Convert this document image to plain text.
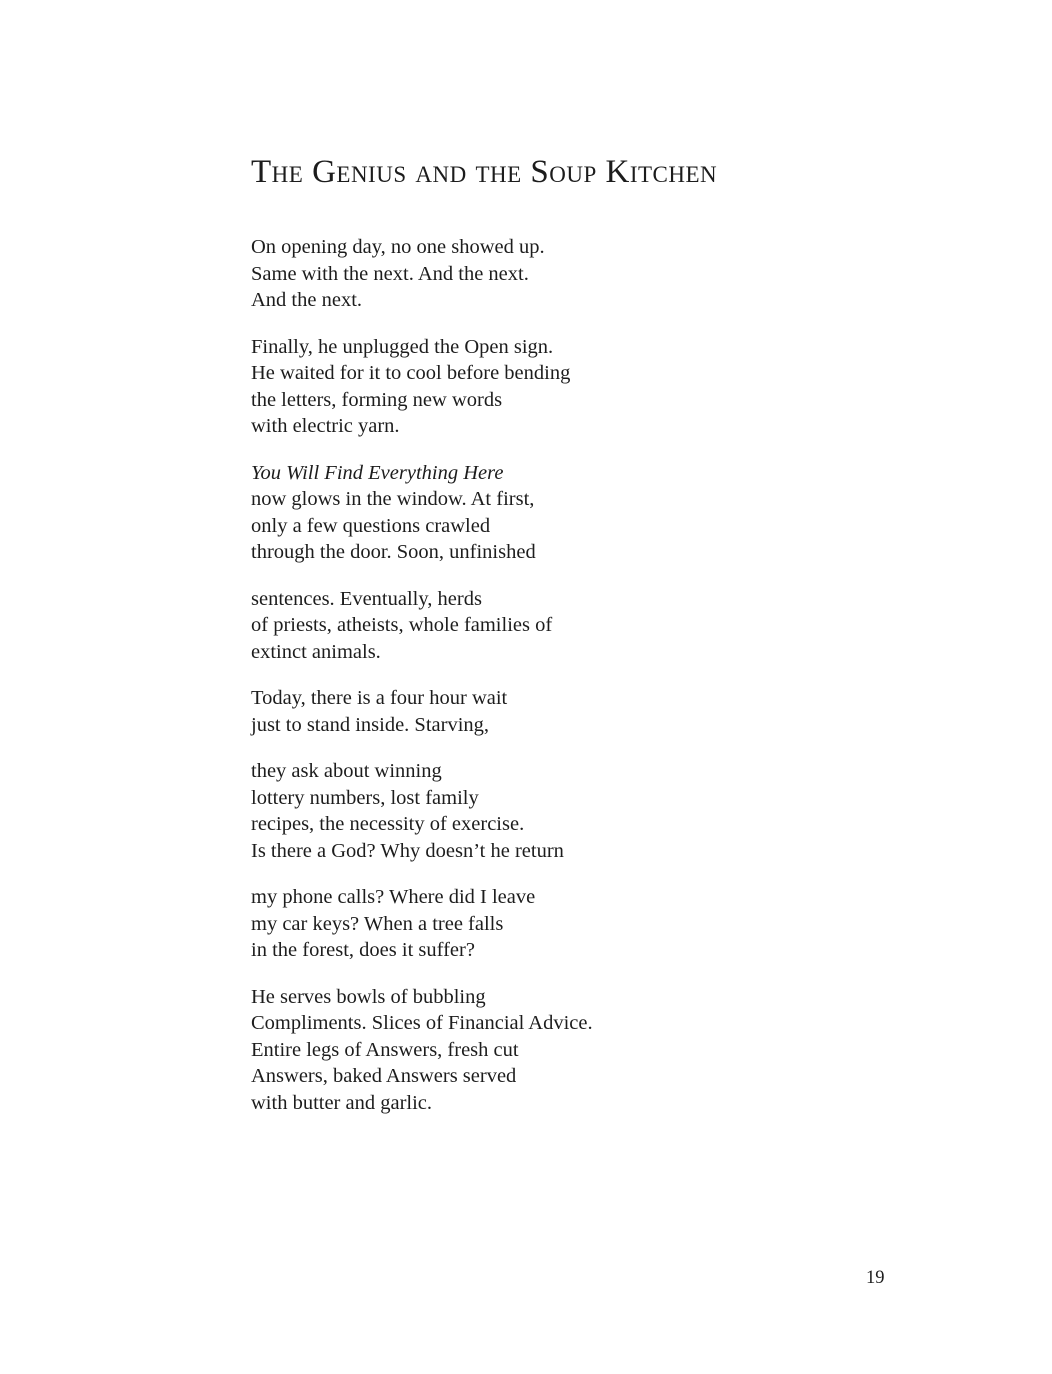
The Genius and the Soup Kitchen
On opening day, no one showed up.
Same with the next. And the next.
And the next.
Finally, he unplugged the Open sign.
He waited for it to cool before bending
the letters, forming new words
with electric yarn.
You Will Find Everything Here
now glows in the window. At first,
only a few questions crawled
through the door. Soon, unfinished
sentences. Eventually, herds
of priests, atheists, whole families of
extinct animals.
Today, there is a four hour wait
just to stand inside. Starving,
they ask about winning
lottery numbers, lost family
recipes, the necessity of exercise.
Is there a God? Why doesn’t he return
my phone calls? Where did I leave
my car keys? When a tree falls
in the forest, does it suffer?
He serves bowls of bubbling
Compliments. Slices of Financial Advice.
Entire legs of Answers, fresh cut
Answers, baked Answers served
with butter and garlic.
19
